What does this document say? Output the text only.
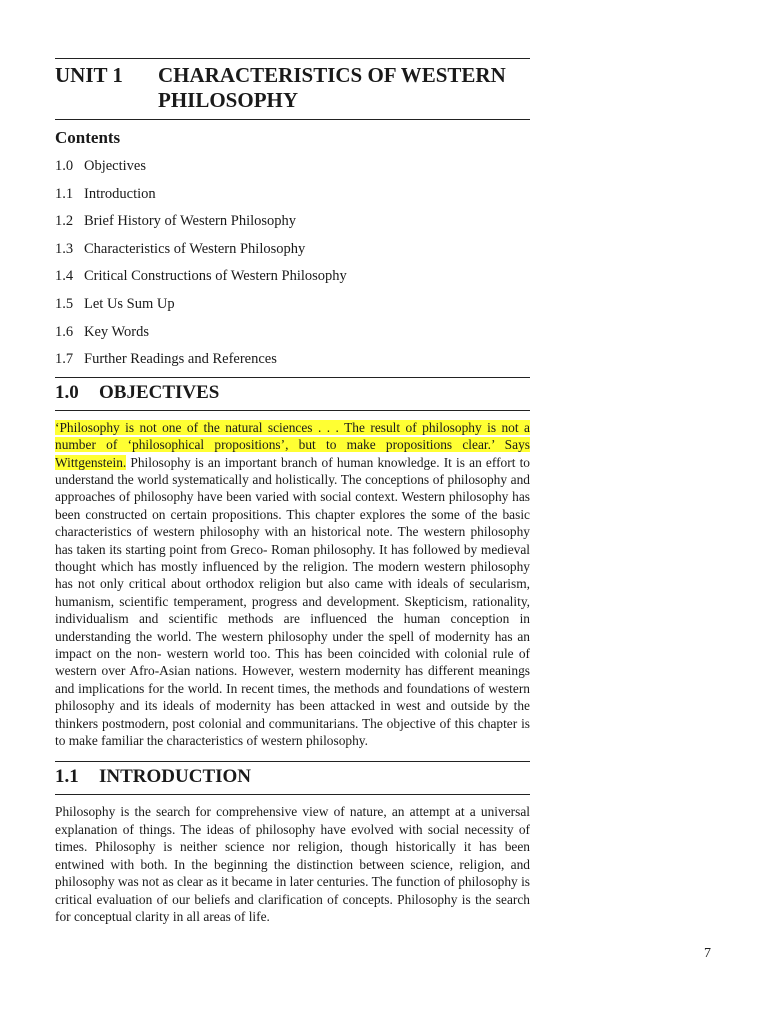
UNIT 1	CHARACTERISTICS OF WESTERN
PHILOSOPHY
Contents
1.0 Objectives
1.1 Introduction
1.2 Brief History of Western Philosophy
1.3 Characteristics of Western Philosophy
1.4 Critical Constructions of Western Philosophy
1.5 Let Us Sum Up
1.6 Key Words
1.7 Further Readings and References
1.0	OBJECTIVES

‘Philosophy is not one of the natural sciences . . . The result of philosophy is not a number of ‘philosophical propositions’, but to make propositions clear.’ Says Wittgenstein. Philosophy is an important branch of human knowledge. It is an effort to understand the world systematically and holistically. The conceptions of philosophy and approaches of philosophy have been varied with social context. Western philosophy has been constructed on certain propositions. This chapter explores the some of the basic characteristics of western philosophy with an historical note. The western philosophy has taken its starting point from Greco- Roman philosophy. It has followed by medieval thought which has mostly influenced by the religion. The modern western philosophy has not only critical about orthodox religion but also came with ideals of secularism, humanism, scientific temperament, progress and development. Skepticism, rationality, individualism and scientific methods are influenced the human conception in understanding the world. The western philosophy under the spell of modernity has an impact on the non- western world too. This has been coincided with colonial rule of western over Afro-Asian nations. However, western modernity has different meanings and implications for the world. In recent times, the methods and foundations of western philosophy and its ideals of modernity has been attacked in west and outside by the thinkers postmodern, post colonial and communitarians. The objective of this chapter is to make familiar the characteristics of western philosophy.

1.1	INTRODUCTION

Philosophy is the search for comprehensive view of nature, an attempt at a universal explanation of things. The ideas of philosophy have evolved with social necessity of times. Philosophy is neither science nor religion, though historically it has been entwined with both. In the beginning the distinction between science, religion, and philosophy was not as clear as it became in later centuries. The function of philosophy is critical evaluation of our beliefs and clarification of concepts. Philosophy is the search for conceptual clarity in all areas of life.

7
